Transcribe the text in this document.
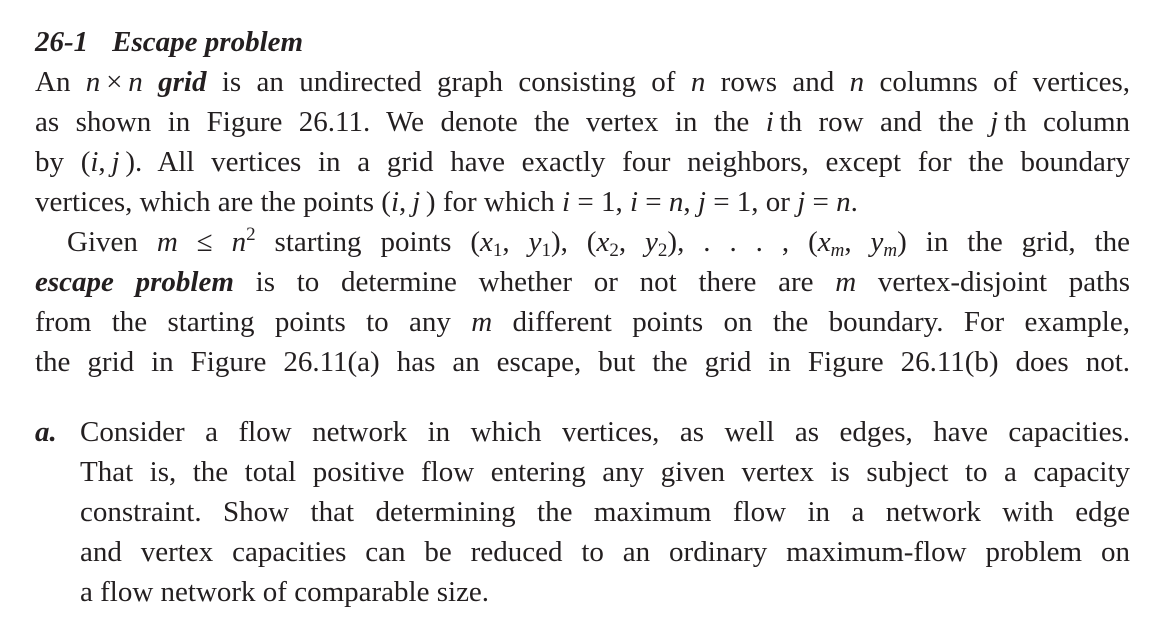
26-1 Escape problem
An n × n grid is an undirected graph consisting of n rows and n columns of vertices,
as shown in Figure 26.11. We denote the vertex in the i th row and the j th column
by (i, j ). All vertices in a grid have exactly four neighbors, except for the boundary
vertices, which are the points (i, j ) for which i = 1, i = n, j = 1, or j = n.
Given $m \le n^2$ starting points ($x_1$, $y_1$), ($x_2$, $y_2$), . . . , ($x_m$, $y_m$) in the grid, the
escape problem is to determine whether or not there are m vertex-disjoint paths
from the starting points to any m different points on the boundary. For example,
the grid in Figure 26.11(a) has an escape, but the grid in Figure 26.11(b) does not.
a. Consider a flow network in which vertices, as well as edges, have capacities.
That is, the total positive flow entering any given vertex is subject to a capacity
constraint. Show that determining the maximum flow in a network with edge
and vertex capacities can be reduced to an ordinary maximum-flow problem on
a flow network of comparable size.
